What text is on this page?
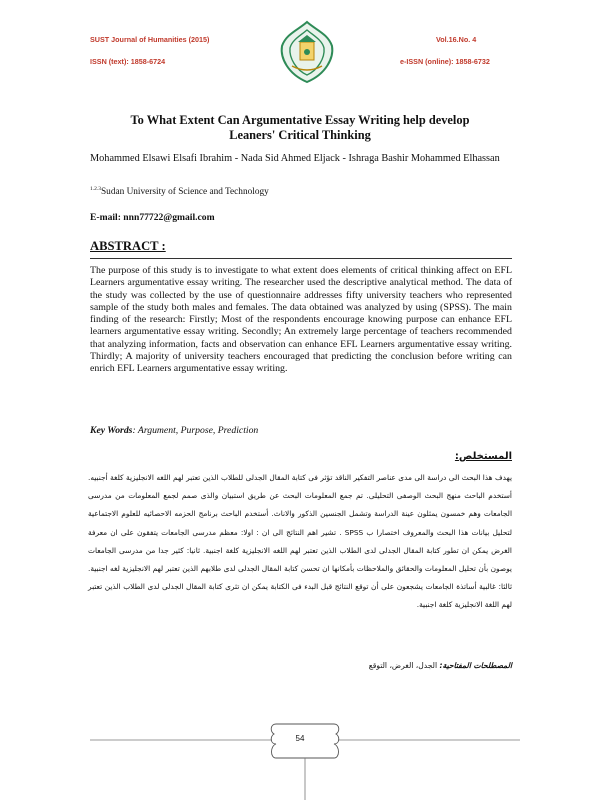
SUST Journal of Humanities (2015)	Vol.16.No. 4
ISSN (text): 1858-6724	e-ISSN (online): 1858-6732
To What Extent Can Argumentative Essay Writing help develop
Leaners' Critical Thinking
Mohammed Elsawi Elsafi Ibrahim - Nada Sid Ahmed Eljack - Ishraga Bashir Mohammed Elhassan
$^{1.2.3}$Sudan University of Science and Technology
E-mail: nnn77722@gmail.com
ABSTRACT :

The purpose of this study is to investigate to what extent does elements of critical thinking affect on EFL Learners argumentative essay writing. The researcher used the descriptive analytical method. The data of the study was collected by the use of questionnaire addresses fifty university teachers who represented sample of the study both males and females. The data obtained was analyzed by using (SPSS). The main finding of the research: Firstly; Most of the respondents encourage knowing purpose can enhance EFL learners argumentative essay writing. Secondly; An extremely large percentage of teachers recommended that analyzing information, facts and observation can enhance EFL Learners argumentative essay writing. Thirdly; A majority of university teachers encouraged that predicting the conclusion before writing can enrich EFL Learners argumentative essay writing.

Key Words: Argument, Purpose, Prediction
المستخلص:

يهدف هذا البحث الى دراسة الى مدى عناصر التفكير الناقد تؤثر فى كتابة المقال الجدلى للطلاب الذين تعتبر لهم اللغه الانجليزية كلغة أجنبيه. أستخدم الباحث منهج البحث الوصفى التحليلى. تم جمع المعلومات البحث عن طريق استبيان والذى صمم لجمع المعلومات من مدرسى الجامعات وهم خمسون يمثلون عينة الدراسة وتشمل الجنسين الذكور والاناث. أستخدم الباحث برنامج الحزمه الاحصائيه للعلوم الاجتماعية لتحليل بيانات هذا البحث والمعروف اختصارا ب SPSS . تشير اهم النتائج الى ان : اولا: معظم مدرسى الجامعات يتفقون على ان معرفة الغرض يمكن ان تطور كتابة المقال الجدلى لدى الطلاب الذين تعتبر لهم اللغه الانجليزية كلغة اجنبية. ثانيا: كثير جدا من مدرسى الجامعات يوصون بأن تحليل المعلومات والحقائق والملاحظات بأمكانها ان تحسن كتابة المقال الجدلى لدى طلابهم الذين تعتبر لهم الانجليزية لغه اجنبية. ثالثا: غالبية أساتذة الجامعات يشجعون على أن توقع النتائج قبل البدء فى الكتابة يمكن ان تثرى كتابة المقال الجدلى لدى الطلاب الذين تعتبر لهم اللغة الانجليزية كلغة اجنبية.

المصطلحات المفتاحية: الجدل، الغرض، التوقع
54
